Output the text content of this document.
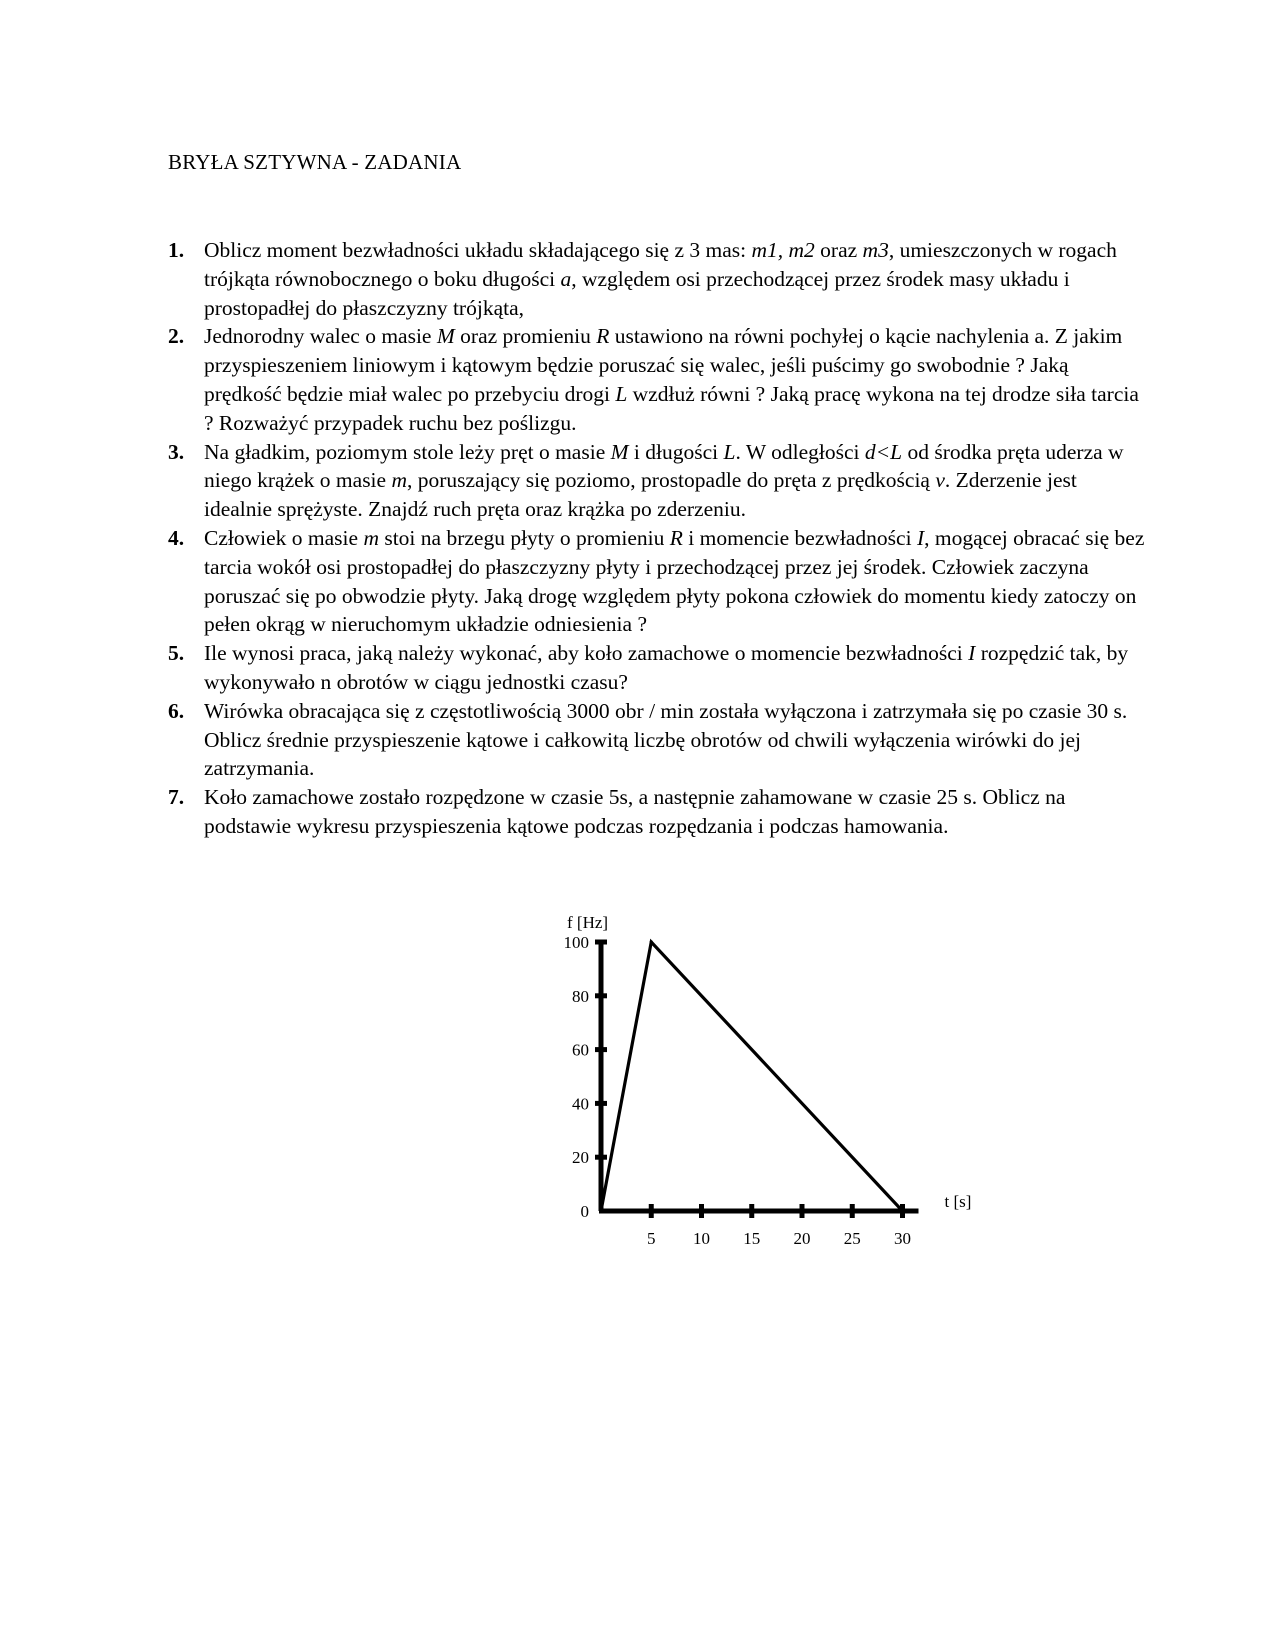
BRYŁA SZTYWNA - ZADANIA
1. Oblicz moment bezwładności układu składającego się z 3 mas: m1, m2 oraz m3, umieszczonych w rogach trójkąta równobocznego o boku długości a, względem osi przechodzącej przez środek masy układu i prostopadłej do płaszczyzny trójkąta,
2. Jednorodny walec o masie M oraz promieniu R ustawiono na równi pochyłej o kącie nachylenia a. Z jakim przyspieszeniem liniowym i kątowym będzie poruszać się walec, jeśli puścimy go swobodnie ? Jaką prędkość będzie miał walec po przebyciu drogi L wzdłuż równi ? Jaką pracę wykona na tej drodze siła tarcia ? Rozważyć przypadek ruchu bez poślizgu.
3. Na gładkim, poziomym stole leży pręt o masie M i długości L. W odległości d<L od środka pręta uderza w niego krążek o masie m, poruszający się poziomo, prostopadle do pręta z prędkością v. Zderzenie jest idealnie sprężyste. Znajdź ruch pręta oraz krążka po zderzeniu.
4. Człowiek o masie m stoi na brzegu płyty o promieniu R i momencie bezwładności I, mogącej obracać się bez tarcia wokół osi prostopadłej do płaszczyzny płyty i przechodzącej przez jej środek. Człowiek zaczyna poruszać się po obwodzie płyty. Jaką drogę względem płyty pokona człowiek do momentu kiedy zatoczy on pełen okrąg w nieruchomym układzie odniesienia ?
5. Ile wynosi praca, jaką należy wykonać, aby koło zamachowe o momencie bezwładności I rozpędzić tak, by wykonywało n obrotów w ciągu jednostki czasu?
6. Wirówka obracająca się z częstotliwością 3000 obr / min została wyłączona i zatrzymała się po czasie 30 s. Oblicz średnie przyspieszenie kątowe i całkowitą liczbę obrotów od chwili wyłączenia wirówki do jej zatrzymania.
7. Koło zamachowe zostało rozpędzone w czasie 5s, a następnie zahamowane w czasie 25 s. Oblicz na podstawie wykresu przyspieszenia kątowe podczas rozpędzania i podczas hamowania.
0
20
40
60
80
100
5 10 15 20 25 30
f [Hz]
t [s]
